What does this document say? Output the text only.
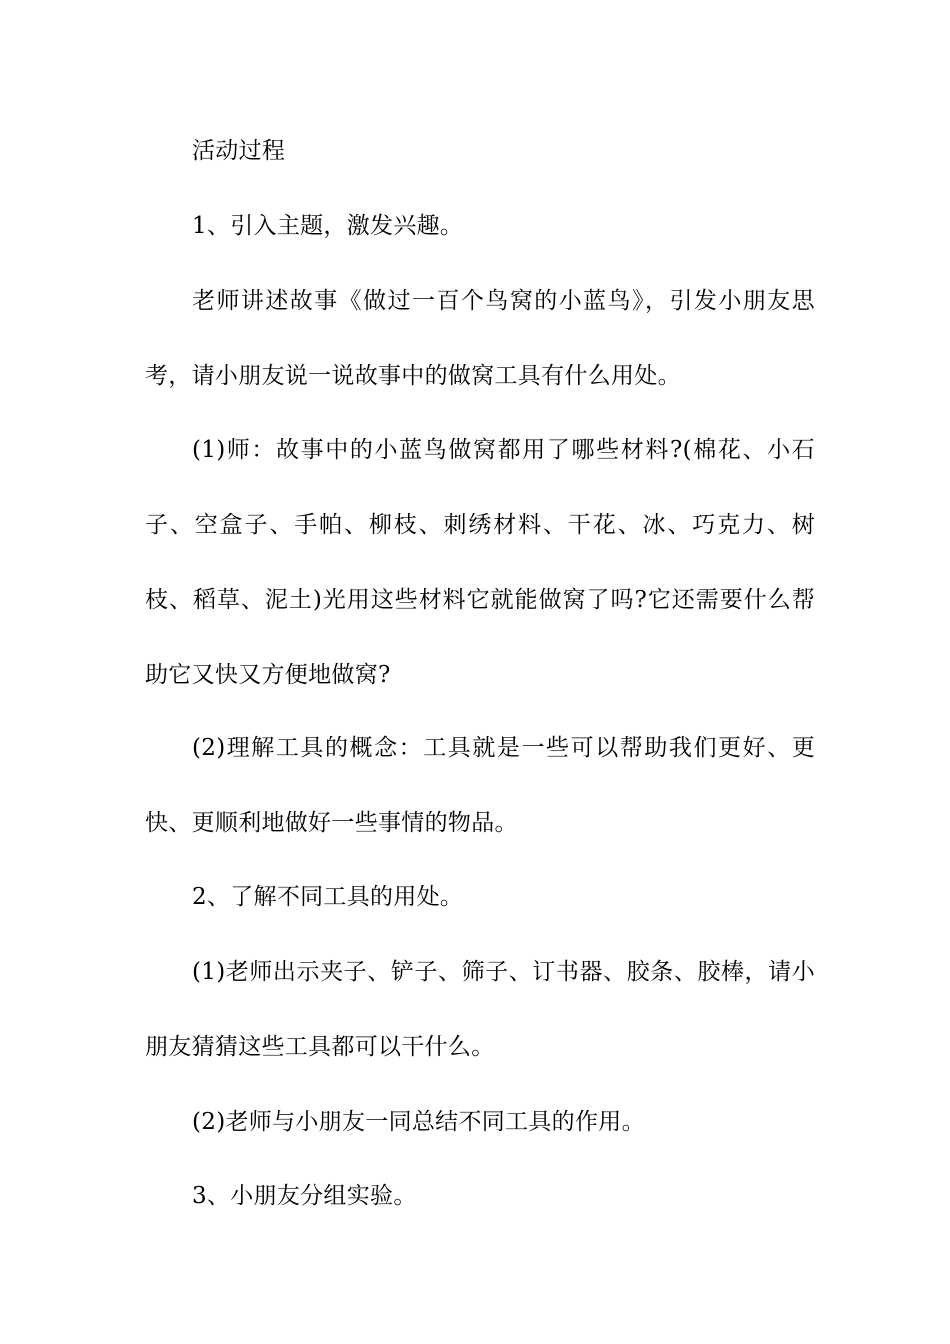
活动过程

1、引入主题，激发兴趣。

老师讲述故事《做过一百个鸟窝的小蓝鸟》，引发小朋友思考，请小朋友说一说故事中的做窝工具有什么用处。

(1)师：故事中的小蓝鸟做窝都用了哪些材料?(棉花、小石子、空盒子、手帕、柳枝、刺绣材料、干花、冰、巧克力、树枝、稻草、泥土)光用这些材料它就能做窝了吗?它还需要什么帮助它又快又方便地做窝?

(2)理解工具的概念：工具就是一些可以帮助我们更好、更快、更顺利地做好一些事情的物品。

2、了解不同工具的用处。

(1)老师出示夹子、铲子、筛子、订书器、胶条、胶棒，请小朋友猜猜这些工具都可以干什么。

(2)老师与小朋友一同总结不同工具的作用。

3、小朋友分组实验。
